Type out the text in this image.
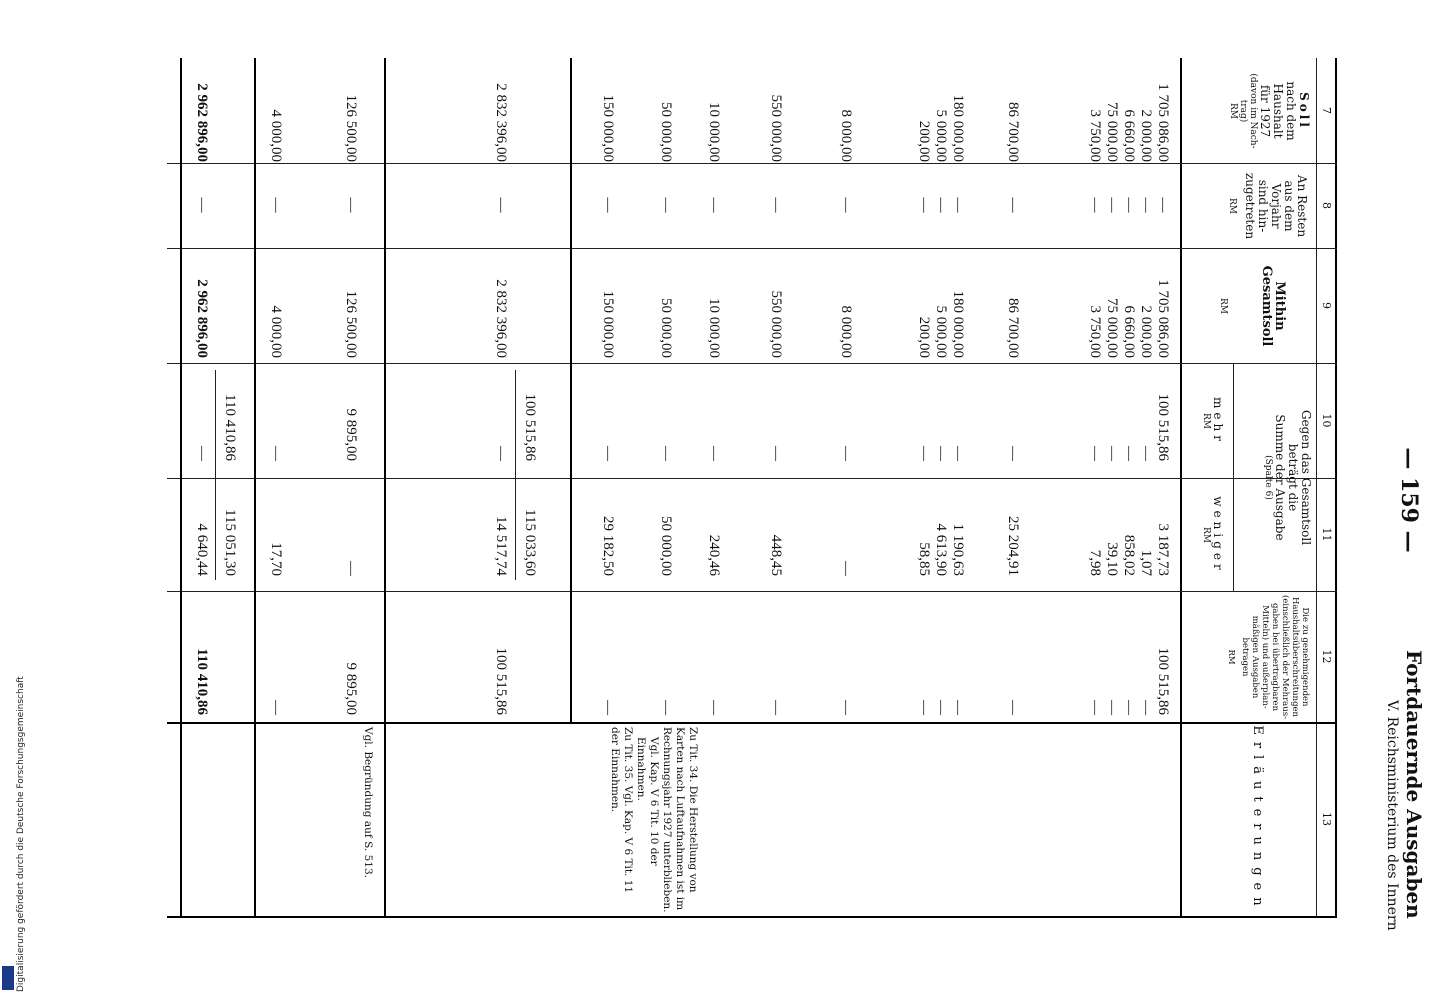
Digitalisierung gefördert durch die Deutsche Forschungsgemeinschaft
— 159 —
Fortdauernde Ausgaben
V. Reichsministerium des Innern
7
8
9
10
11
12
13
Soll
nach dem
Haushalt
für 1927
(davon im Nach-
trag)
RM
An Resten
aus dem
Vorjahr
sind hin-
zugetreten
RM
Mithin
Gesamtsoll
RM
Gegen das Gesamtsoll
beträgt die
Summe der Ausgabe
(Spalte 6)
mehr
RM
weniger
RM
Die zu genehmigenden
Haushaltsüberschreitungen
(einschließlich der Mehraus-
gaben bei übertragbaren
Mitteln) und außerplan-
mäßigen Ausgaben
betragen
RM
Erläuterungen
1 705 086,00
2 000,00
6 660,00
75 000,00
3 750,00
—
—
—
—
—
1 705 086,00
2 000,00
6 660,00
75 000,00
3 750,00
100 515,86
—
—
—
—
3 187,73
1,07
858,02
39,10
7,98
100 515,86
—
—
—
—
86 700,00
—
86 700,00
—
25 204,91
—
180 000,00
5 000,00
200,00
—
—
—
180 000,00
5 000,00
200,00
—
—
—
1 190,63
4 613,90
58,85
—
—
—
8 000,00
—
8 000,00
—
—
—
550 000,00
—
550 000,00
—
448,45
—
10 000,00
—
10 000,00
—
240,46
—
50 000,00
—
50 000,00
—
50 000,00
—
150 000,00
—
150 000,00
—
29 182,50
—
100 515,86
115 033,60
2 832 396,00
—
2 832 396,00
—
14 517,74
100 515,86
126 500,00
—
126 500,00
9 895,00
—
9 895,00
4 000,00
—
4 000,00
—
17,70
—
110 410,86
115 051,30
2 962 896,00
—
2 962 896,00
—
4 640,44
110 410,86
Zu Tit. 34. Die Herstellung von Karten nach Luftaufnahmen ist im Rechnungsjahr 1927 unterblieben.
Vgl. Kap. V 6 Tit. 10 der Einnahmen.
Zu Tit. 35. Vgl. Kap. V 6 Tit. 11 der Einnahmen.
Vgl. Begründung auf S. 513.
